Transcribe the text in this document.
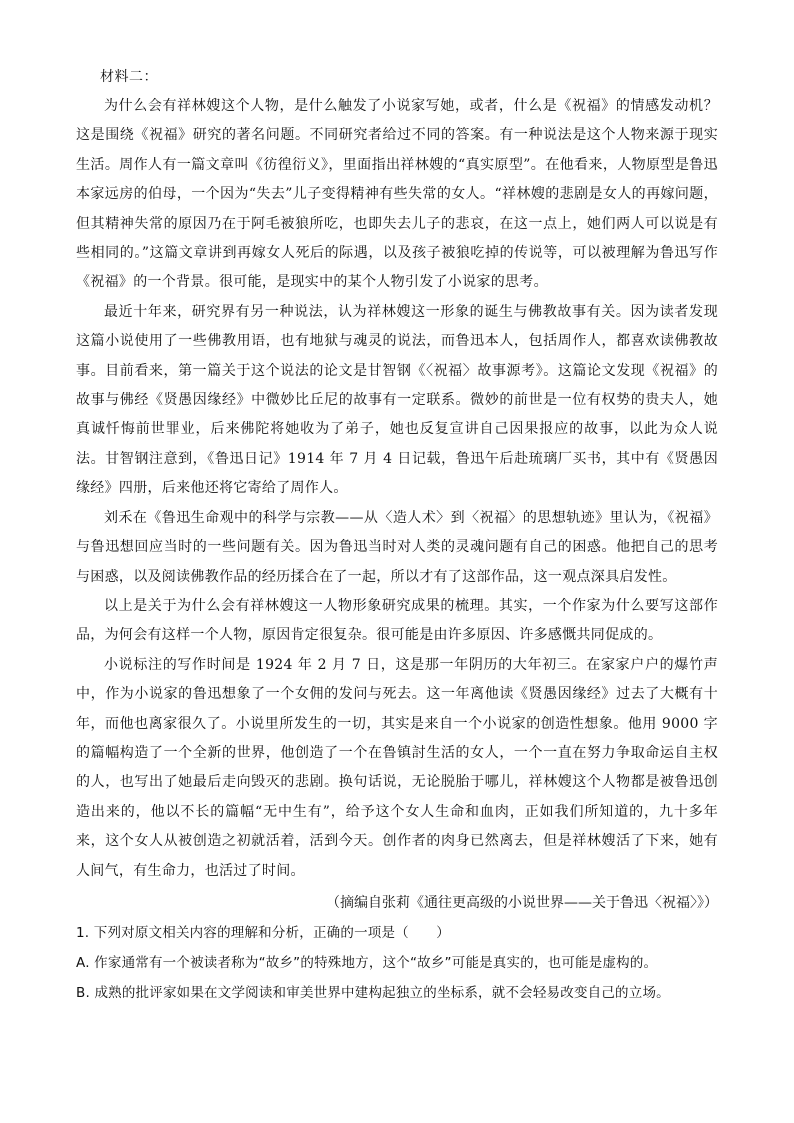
材料二：

为什么会有祥林嫂这个人物，是什么触发了小说家写她，或者，什么是《祝福》的情感发动机？这是围绕《祝福》研究的著名问题。不同研究者给过不同的答案。有一种说法是这个人物来源于现实生活。周作人有一篇文章叫《彷徨衍义》，里面指出祥林嫂的“真实原型”。在他看来，人物原型是鲁迅本家远房的伯母，一个因为“失去”儿子变得精神有些失常的女人。“祥林嫂的悲剧是女人的再嫁问题，但其精神失常的原因乃在于阿毛被狼所吃，也即失去儿子的悲哀，在这一点上，她们两人可以说是有些相同的。”这篇文章讲到再嫁女人死后的际遇，以及孩子被狼吃掉的传说等，可以被理解为鲁迅写作《祝福》的一个背景。很可能，是现实中的某个人物引发了小说家的思考。

最近十年来，研究界有另一种说法，认为祥林嫂这一形象的诞生与佛教故事有关。因为读者发现这篇小说使用了一些佛教用语，也有地狱与魂灵的说法，而鲁迅本人，包括周作人，都喜欢读佛教故事。目前看来，第一篇关于这个说法的论文是甘智钢《〈祝福〉故事源考》。这篇论文发现《祝福》的故事与佛经《贤愚因缘经》中微妙比丘尼的故事有一定联系。微妙的前世是一位有权势的贵夫人，她真诚忏悔前世罪业，后来佛陀将她收为了弟子，她也反复宣讲自己因果报应的故事，以此为众人说法。甘智钢注意到，《鲁迅日记》1914 年 7 月 4 日记载，鲁迅午后赴琉璃厂买书，其中有《贤愚因缘经》四册，后来他还将它寄给了周作人。

刘禾在《鲁迅生命观中的科学与宗教——从〈造人术〉到〈祝福〉的思想轨迹》里认为，《祝福》与鲁迅想回应当时的一些问题有关。因为鲁迅当时对人类的灵魂问题有自己的困惑。他把自己的思考与困惑，以及阅读佛教作品的经历揉合在了一起，所以才有了这部作品，这一观点深具启发性。

以上是关于为什么会有祥林嫂这一人物形象研究成果的梳理。其实，一个作家为什么要写这部作品，为何会有这样一个人物，原因肯定很复杂。很可能是由许多原因、许多感慨共同促成的。

小说标注的写作时间是 1924 年 2 月 7 日，这是那一年阴历的大年初三。在家家户户的爆竹声中，作为小说家的鲁迅想象了一个女佣的发问与死去。这一年离他读《贤愚因缘经》过去了大概有十年，而他也离家很久了。小说里所发生的一切，其实是来自一个小说家的创造性想象。他用 9000 字的篇幅构造了一个全新的世界，他创造了一个在鲁镇討生活的女人，一个一直在努力争取命运自主权的人，也写出了她最后走向毁灭的悲剧。换句话说，无论脱胎于哪儿，祥林嫂这个人物都是被鲁迅创造出来的，他以不长的篇幅“无中生有”，给予这个女人生命和血肉，正如我们所知道的，九十多年来，这个女人从被创造之初就活着，活到今天。创作者的肉身已然离去，但是祥林嫂活了下来，她有人间气，有生命力，也活过了时间。

（摘编自张莉《通往更高级的小说世界——关于鲁迅〈祝福〉》）

1. 下列对原文相关内容的理解和分析，正确的一项是（　　）

A. 作家通常有一个被读者称为“故乡”的特殊地方，这个“故乡”可能是真实的，也可能是虚构的。

B. 成熟的批评家如果在文学阅读和审美世界中建构起独立的坐标系，就不会轻易改变自己的立场。
